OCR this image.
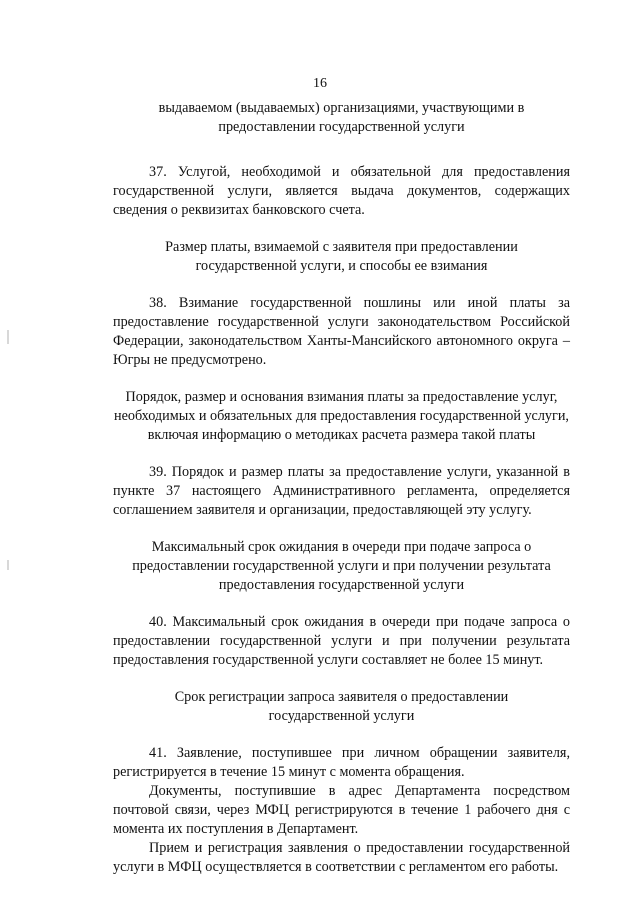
16
выдаваемом (выдаваемых) организациями, участвующими в предоставлении государственной услуги
37. Услугой, необходимой и обязательной для предоставления государственной услуги, является выдача документов, содержащих сведения о реквизитах банковского счета.
Размер платы, взимаемой с заявителя при предоставлении государственной услуги, и способы ее взимания
38. Взимание государственной пошлины или иной платы за предоставление государственной услуги законодательством Российской Федерации, законодательством Ханты-Мансийского автономного округа – Югры не предусмотрено.
Порядок, размер и основания взимания платы за предоставление услуг, необходимых и обязательных для предоставления государственной услуги, включая информацию о методиках расчета размера такой платы
39. Порядок и размер платы за предоставление услуги, указанной в пункте 37 настоящего Административного регламента, определяется соглашением заявителя и организации, предоставляющей эту услугу.
Максимальный срок ожидания в очереди при подаче запроса о предоставлении государственной услуги и при получении результата предоставления государственной услуги
40. Максимальный срок ожидания в очереди при подаче запроса о предоставлении государственной услуги и при получении результата предоставления государственной услуги составляет не более 15 минут.
Срок регистрации запроса заявителя о предоставлении государственной услуги
41. Заявление, поступившее при личном обращении заявителя, регистрируется в течение 15 минут с момента обращения.
Документы, поступившие в адрес Департамента посредством почтовой связи, через МФЦ регистрируются в течение 1 рабочего дня с момента их поступления в Департамент.
Прием и регистрация заявления о предоставлении государственной услуги в МФЦ осуществляется в соответствии с регламентом его работы.
